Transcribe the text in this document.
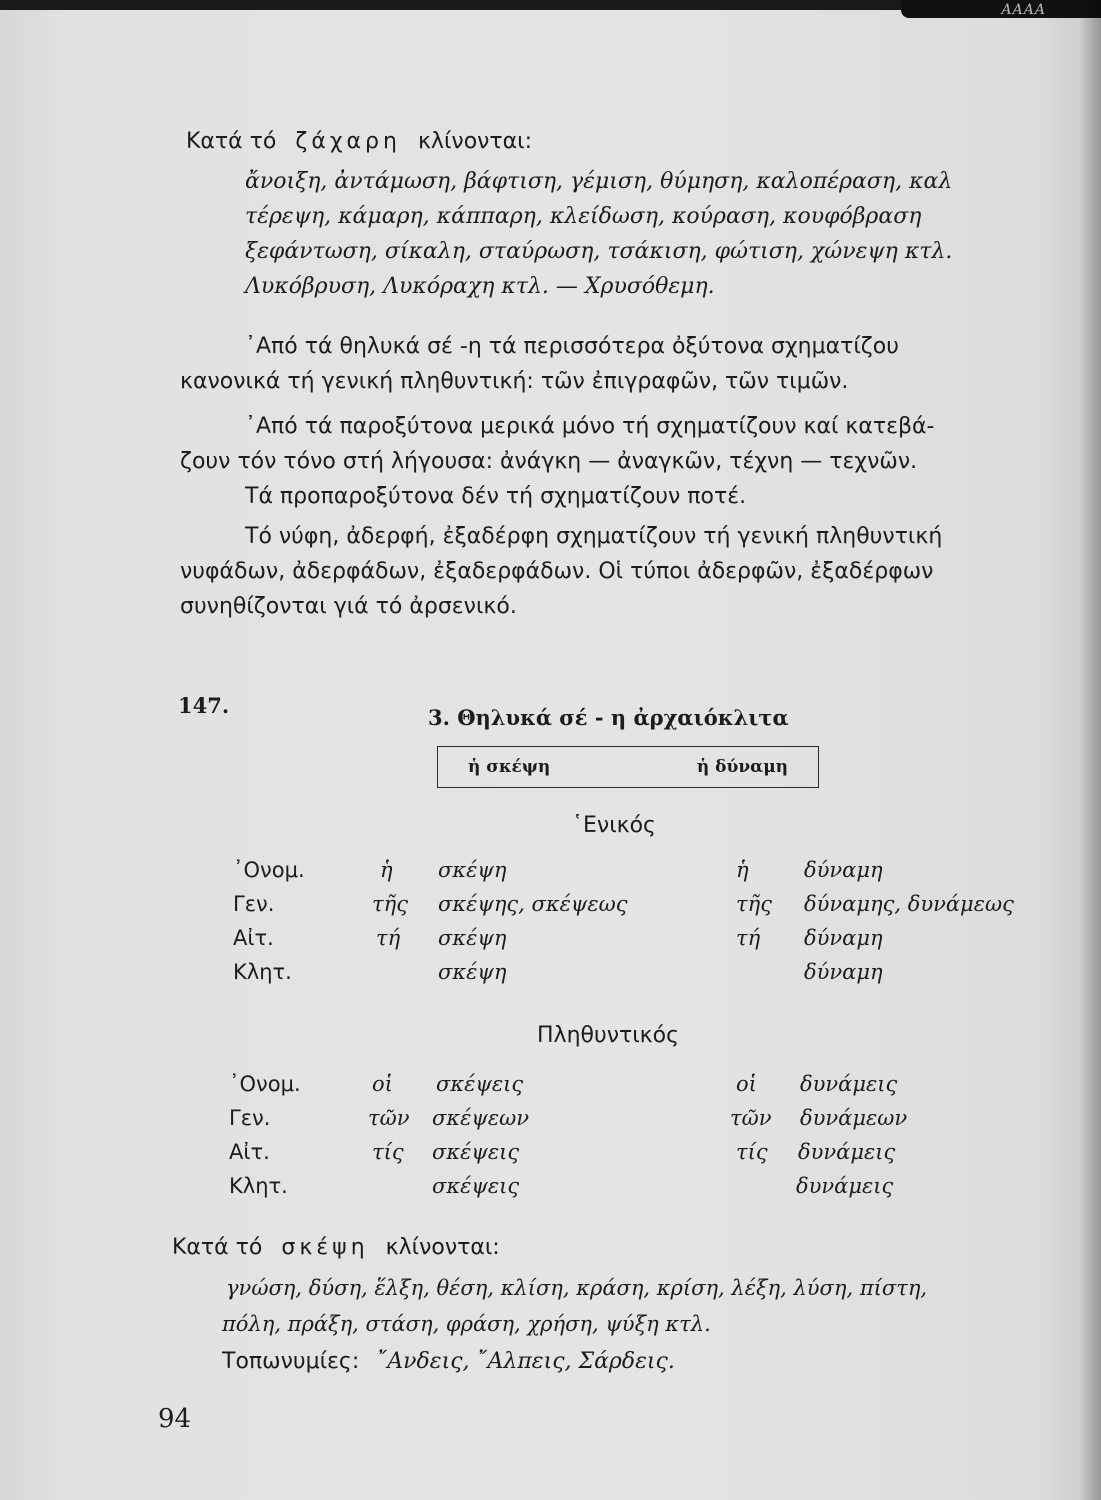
ΑΑΑΑ
Κατά τό ζάχαρη κλίνονται:
ἄνοιξη, ἀντάμωση, βάφτιση, γέμιση, θύμηση, καλοπέραση, καλ
τέρεψη, κάμαρη, κάππαρη, κλείδωση, κούραση, κουφόβραση
ξεφάντωση, σίκαλη, σταύρωση, τσάκιση, φώτιση, χώνεψη κτλ.
Λυκόβρυση, Λυκόραχη κτλ. — Χρυσόθεμη.
᾿Από τά θηλυκά σέ -η τά περισσότερα ὀξύτονα σχηματίζου
κανονικά τή γενική πληθυντική: τῶν ἐπιγραφῶν, τῶν τιμῶν.
᾿Από τά παροξύτονα μερικά μόνο τή σχηματίζουν καί κατεβά-
ζουν τόν τόνο στή λήγουσα: ἀνάγκη — ἀναγκῶν, τέχνη — τεχνῶν.
Τά προπαροξύτονα δέν τή σχηματίζουν ποτέ.
Τό νύφη, ἀδερφή, ἐξαδέρφη σχηματίζουν τή γενική πληθυντική
νυφάδων, ἀδερφάδων, ἐξαδερφάδων. Οἱ τύποι ἀδερφῶν, ἐξαδέρφων
συνηθίζονται γιά τό ἀρσενικό.
147.	3. Θηλυκά σέ - η ἀρχαιόκλιτα
ἡ σκέψη	ἡ δύναμη
῾Ενικός
᾿Ονομ.	ἡ σκέψη	ἡ	δύναμη
Γεν.	τῆς σκέψης, σκέψεως	τῆς δύναμης, δυνάμεως
Αἰτ.	τή σκέψη	τή δύναμη
Κλητ.	σκέψη	δύναμη
Πληθυντικός
᾿Ονομ.	οἱ σκέψεις	οἱ δυνάμεις
Γεν.	τῶν σκέψεων	τῶν δυνάμεων
Αἰτ.	τίς σκέψεις	τίς δυνάμεις
Κλητ.	σκέψεις	δυνάμεις
Κατά τό σκέψη κλίνονται:
γνώση, δύση, ἕλξη, θέση, κλίση, κράση, κρίση, λέξη, λύση, πίστη,
πόλη, πράξη, στάση, φράση, χρήση, ψύξη κτλ.
Τοπωνυμίες: ῎Ανδεις, ῎Αλπεις, Σάρδεις.
94
